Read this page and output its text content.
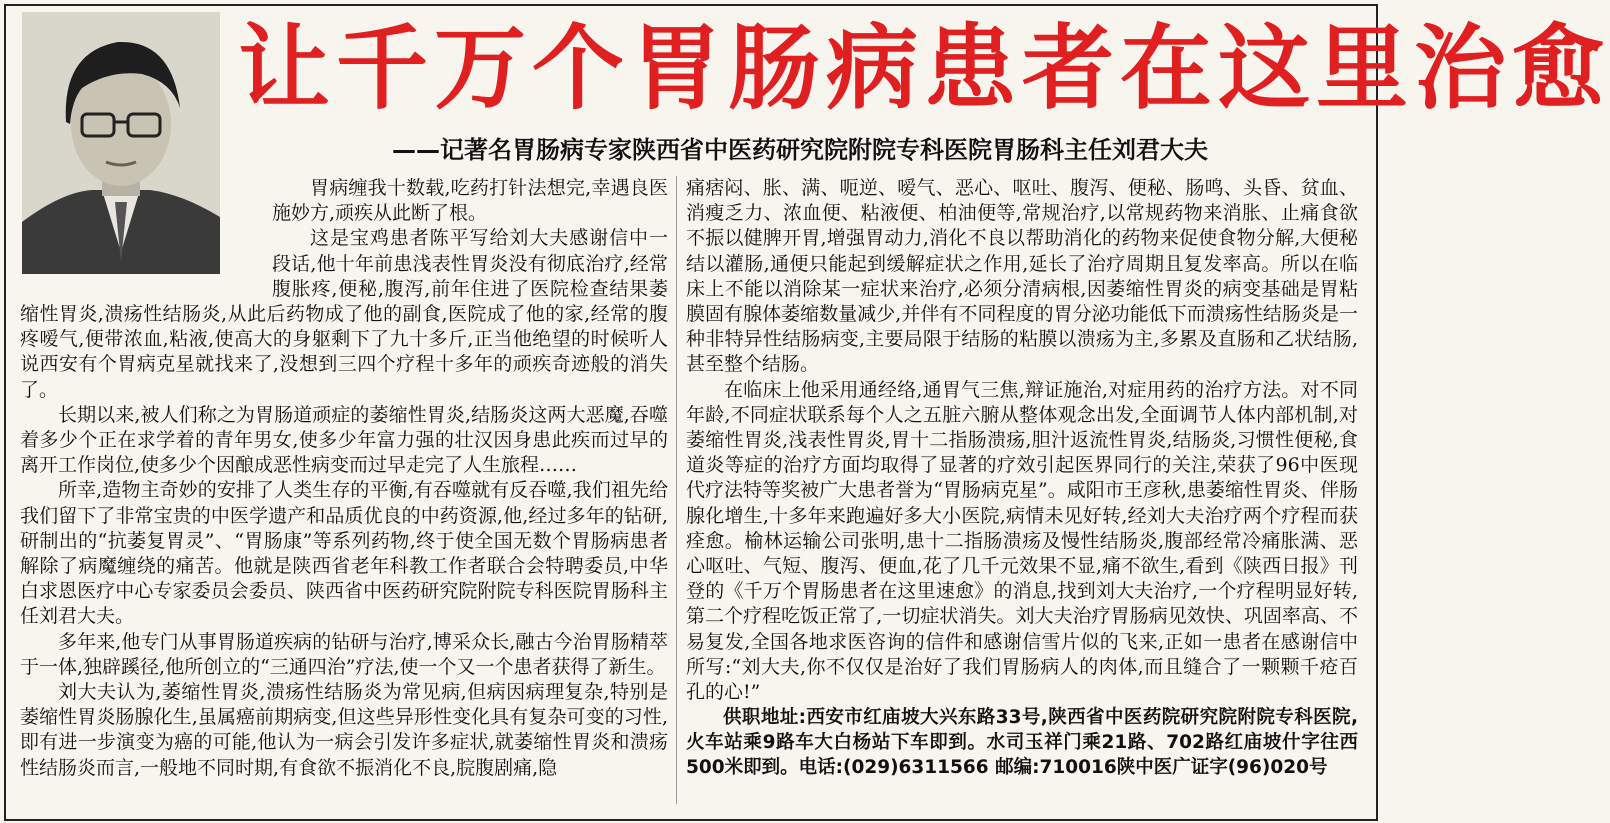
让千万个胃肠病患者在这里治愈
——记著名胃肠病专家陕西省中医药研究院附院专科医院胃肠科主任刘君大夫

胃病缠我十数载,吃药打针法想完,幸遇良医施妙方,顽疾从此断了根。

这是宝鸡患者陈平写给刘大夫感谢信中一段话,他十年前患浅表性胃炎没有彻底治疗,经常腹胀疼,便秘,腹泻,前年住进了医院检查结果萎缩性胃炎,溃疡性结肠炎,从此后药物成了他的副食,医院成了他的家,经常的腹疼嗳气,便带浓血,粘液,使高大的身躯剩下了九十多斤,正当他绝望的时候听人说西安有个胃病克星就找来了,没想到三四个疗程十多年的顽疾奇迹般的消失了。

长期以来,被人们称之为胃肠道顽症的萎缩性胃炎,结肠炎这两大恶魔,吞噬着多少个正在求学着的青年男女,使多少年富力强的壮汉因身患此疾而过早的离开工作岗位,使多少个因酿成恶性病变而过早走完了人生旅程……

所幸,造物主奇妙的安排了人类生存的平衡,有吞噬就有反吞噬,我们祖先给我们留下了非常宝贵的中医学遗产和品质优良的中药资源,他,经过多年的钻研,研制出的“抗萎复胃灵”、“胃肠康”等系列药物,终于使全国无数个胃肠病患者解除了病魔缠绕的痛苦。他就是陕西省老年科教工作者联合会特聘委员,中华白求恩医疗中心专家委员会委员、陕西省中医药研究院附院专科医院胃肠科主任刘君大夫。

多年来,他专门从事胃肠道疾病的钻研与治疗,博采众长,融古今治胃肠精萃于一体,独辟蹊径,他所创立的“三通四治”疗法,使一个又一个患者获得了新生。

刘大夫认为,萎缩性胃炎,溃疡性结肠炎为常见病,但病因病理复杂,特别是萎缩性胃炎肠腺化生,虽属癌前期病变,但这些异形性变化具有复杂可变的习性,即有进一步演变为癌的可能,他认为一病会引发许多症状,就萎缩性胃炎和溃疡性结肠炎而言,一般地不同时期,有食欲不振消化不良,脘腹剧痛,隐

痛痞闷、胀、满、呃逆、嗳气、恶心、呕吐、腹泻、便秘、肠鸣、头昏、贫血、消瘦乏力、浓血便、粘液便、柏油便等,常规治疗,以常规药物来消胀、止痛食欲不振以健脾开胃,增强胃动力,消化不良以帮助消化的药物来促使食物分解,大便秘结以灌肠,通便只能起到缓解症状之作用,延长了治疗周期且复发率高。所以在临床上不能以消除某一症状来治疗,必须分清病根,因萎缩性胃炎的病变基础是胃粘膜固有腺体萎缩数量减少,并伴有不同程度的胃分泌功能低下而溃疡性结肠炎是一种非特异性结肠病变,主要局限于结肠的粘膜以溃疡为主,多累及直肠和乙状结肠,甚至整个结肠。

在临床上他采用通经络,通胃气三焦,辩证施治,对症用药的治疗方法。对不同年龄,不同症状联系每个人之五脏六腑从整体观念出发,全面调节人体内部机制,对萎缩性胃炎,浅表性胃炎,胃十二指肠溃疡,胆汁返流性胃炎,结肠炎,习惯性便秘,食道炎等症的治疗方面均取得了显著的疗效引起医界同行的关注,荣获了96中医现代疗法特等奖被广大患者誉为“胃肠病克星”。咸阳市王彦秋,患萎缩性胃炎、伴肠腺化增生,十多年来跑遍好多大小医院,病情未见好转,经刘大夫治疗两个疗程而获痊愈。榆林运输公司张明,患十二指肠溃疡及慢性结肠炎,腹部经常冷痛胀满、恶心呕吐、气短、腹泻、便血,花了几千元效果不显,痛不欲生,看到《陕西日报》刊登的《千万个胃肠患者在这里速愈》的消息,找到刘大夫治疗,一个疗程明显好转,第二个疗程吃饭正常了,一切症状消失。刘大夫治疗胃肠病见效快、巩固率高、不易复发,全国各地求医咨询的信件和感谢信雪片似的飞来,正如一患者在感谢信中所写:“刘大夫,你不仅仅是治好了我们胃肠病人的肉体,而且缝合了一颗颗千疮百孔的心!”

供职地址:西安市红庙坡大兴东路33号,陕西省中医药院研究院附院专科医院,火车站乘9路车大白杨站下车即到。水司玉祥门乘21路、702路红庙坡什字往西500米即到。电话:(029)6311566 邮编:710016陕中医广证字(96)020号
